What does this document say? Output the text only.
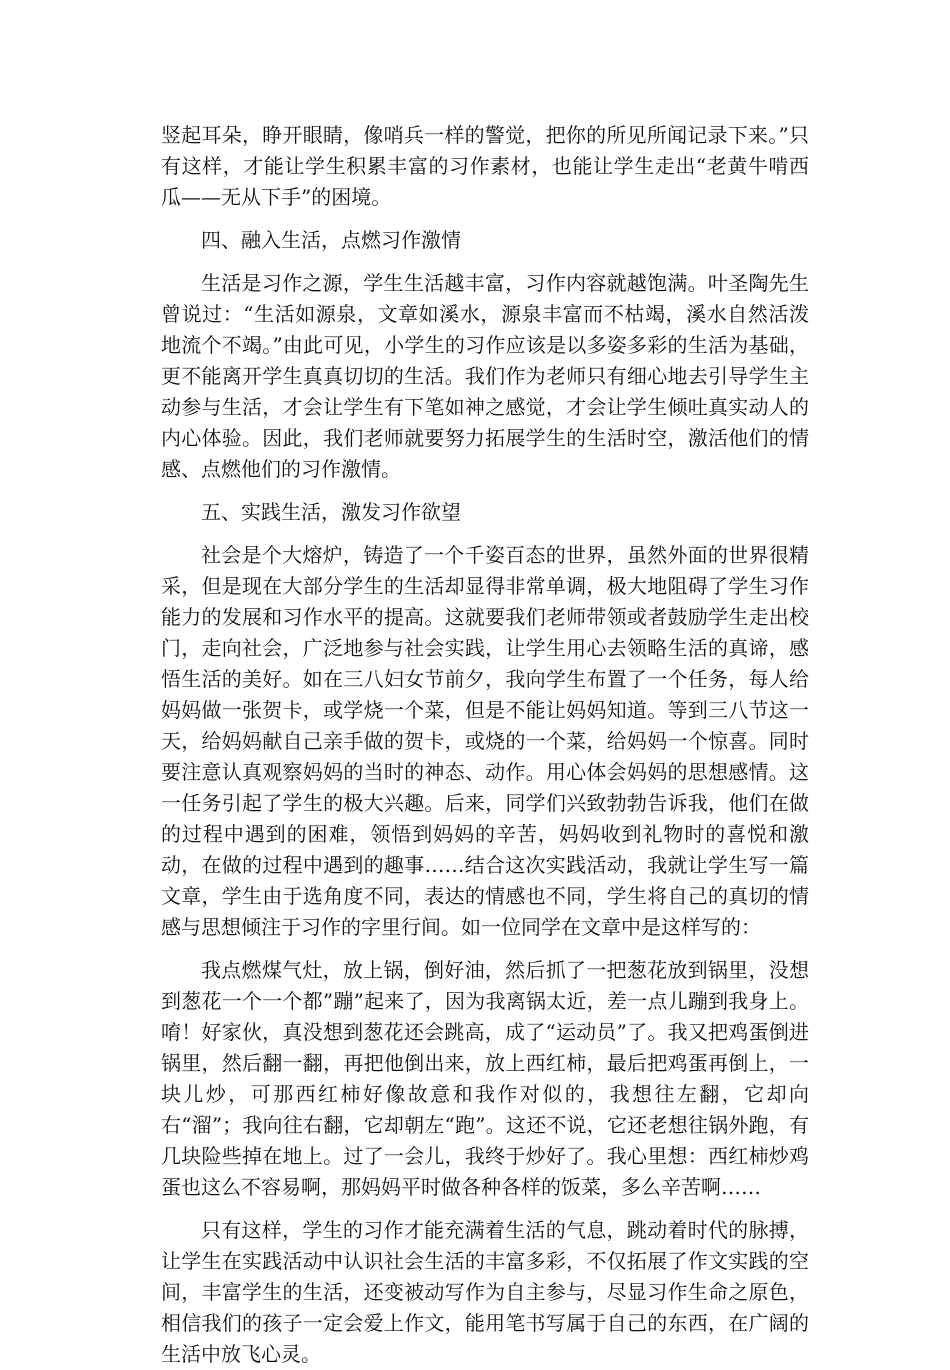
竖起耳朵，睁开眼睛，像哨兵一样的警觉，把你的所见所闻记录下来。”只有这样，才能让学生积累丰富的习作素材，也能让学生走出“老黄牛啃西瓜——无从下手”的困境。

四、融入生活，点燃习作激情

生活是习作之源，学生生活越丰富，习作内容就越饱满。叶圣陶先生曾说过：“生活如源泉，文章如溪水，源泉丰富而不枯竭，溪水自然活泼地流个不竭。”由此可见，小学生的习作应该是以多姿多彩的生活为基础，更不能离开学生真真切切的生活。我们作为老师只有细心地去引导学生主动参与生活，才会让学生有下笔如神之感觉，才会让学生倾吐真实动人的内心体验。因此，我们老师就要努力拓展学生的生活时空，激活他们的情感、点燃他们的习作激情。

五、实践生活，激发习作欲望

社会是个大熔炉，铸造了一个千姿百态的世界，虽然外面的世界很精采，但是现在大部分学生的生活却显得非常单调，极大地阻碍了学生习作能力的发展和习作水平的提高。这就要我们老师带领或者鼓励学生走出校门，走向社会，广泛地参与社会实践，让学生用心去领略生活的真谛，感悟生活的美好。如在三八妇女节前夕，我向学生布置了一个任务，每人给妈妈做一张贺卡，或学烧一个菜，但是不能让妈妈知道。等到三八节这一天，给妈妈献自己亲手做的贺卡，或烧的一个菜，给妈妈一个惊喜。同时要注意认真观察妈妈的当时的神态、动作。用心体会妈妈的思想感情。这一任务引起了学生的极大兴趣。后来，同学们兴致勃勃告诉我，他们在做的过程中遇到的困难，领悟到妈妈的辛苦，妈妈收到礼物时的喜悦和激动，在做的过程中遇到的趣事……结合这次实践活动，我就让学生写一篇文章，学生由于选角度不同，表达的情感也不同，学生将自己的真切的情感与思想倾注于习作的字里行间。如一位同学在文章中是这样写的：

我点燃煤气灶，放上锅，倒好油，然后抓了一把葱花放到锅里，没想到葱花一个一个都”蹦”起来了，因为我离锅太近，差一点儿蹦到我身上。唷！好家伙，真没想到葱花还会跳高，成了“运动员”了。我又把鸡蛋倒进锅里，然后翻一翻，再把他倒出来，放上西红柿，最后把鸡蛋再倒上，一块儿炒，可那西红柿好像故意和我作对似的，我想往左翻，它却向右“溜”；我向往右翻，它却朝左“跑”。这还不说，它还老想往锅外跑，有几块险些掉在地上。过了一会儿，我终于炒好了。我心里想：西红柿炒鸡蛋也这么不容易啊，那妈妈平时做各种各样的饭菜，多么辛苦啊……

只有这样，学生的习作才能充满着生活的气息，跳动着时代的脉搏，让学生在实践活动中认识社会生活的丰富多彩，不仅拓展了作文实践的空间，丰富学生的生活，还变被动写作为自主参与，尽显习作生命之原色，相信我们的孩子一定会爱上作文，能用笔书写属于自己的东西，在广阔的生活中放飞心灵。
